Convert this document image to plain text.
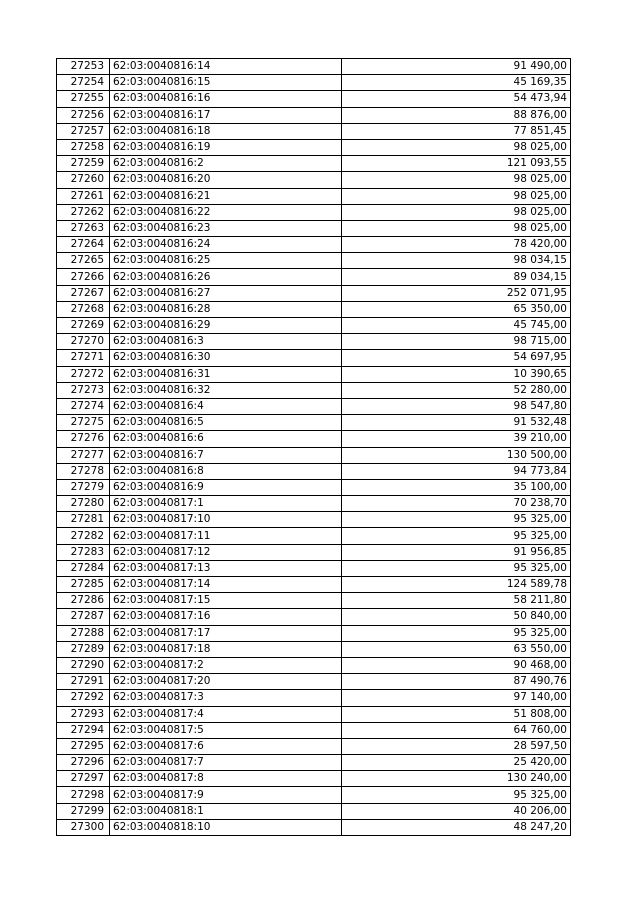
27253	62:03:0040816:14	91 490,00
27254	62:03:0040816:15	45 169,35
27255	62:03:0040816:16	54 473,94
27256	62:03:0040816:17	88 876,00
27257	62:03:0040816:18	77 851,45
27258	62:03:0040816:19	98 025,00
27259	62:03:0040816:2	121 093,55
27260	62:03:0040816:20	98 025,00
27261	62:03:0040816:21	98 025,00
27262	62:03:0040816:22	98 025,00
27263	62:03:0040816:23	98 025,00
27264	62:03:0040816:24	78 420,00
27265	62:03:0040816:25	98 034,15
27266	62:03:0040816:26	89 034,15
27267	62:03:0040816:27	252 071,95
27268	62:03:0040816:28	65 350,00
27269	62:03:0040816:29	45 745,00
27270	62:03:0040816:3	98 715,00
27271	62:03:0040816:30	54 697,95
27272	62:03:0040816:31	10 390,65
27273	62:03:0040816:32	52 280,00
27274	62:03:0040816:4	98 547,80
27275	62:03:0040816:5	91 532,48
27276	62:03:0040816:6	39 210,00
27277	62:03:0040816:7	130 500,00
27278	62:03:0040816:8	94 773,84
27279	62:03:0040816:9	35 100,00
27280	62:03:0040817:1	70 238,70
27281	62:03:0040817:10	95 325,00
27282	62:03:0040817:11	95 325,00
27283	62:03:0040817:12	91 956,85
27284	62:03:0040817:13	95 325,00
27285	62:03:0040817:14	124 589,78
27286	62:03:0040817:15	58 211,80
27287	62:03:0040817:16	50 840,00
27288	62:03:0040817:17	95 325,00
27289	62:03:0040817:18	63 550,00
27290	62:03:0040817:2	90 468,00
27291	62:03:0040817:20	87 490,76
27292	62:03:0040817:3	97 140,00
27293	62:03:0040817:4	51 808,00
27294	62:03:0040817:5	64 760,00
27295	62:03:0040817:6	28 597,50
27296	62:03:0040817:7	25 420,00
27297	62:03:0040817:8	130 240,00
27298	62:03:0040817:9	95 325,00
27299	62:03:0040818:1	40 206,00
27300	62:03:0040818:10	48 247,20
